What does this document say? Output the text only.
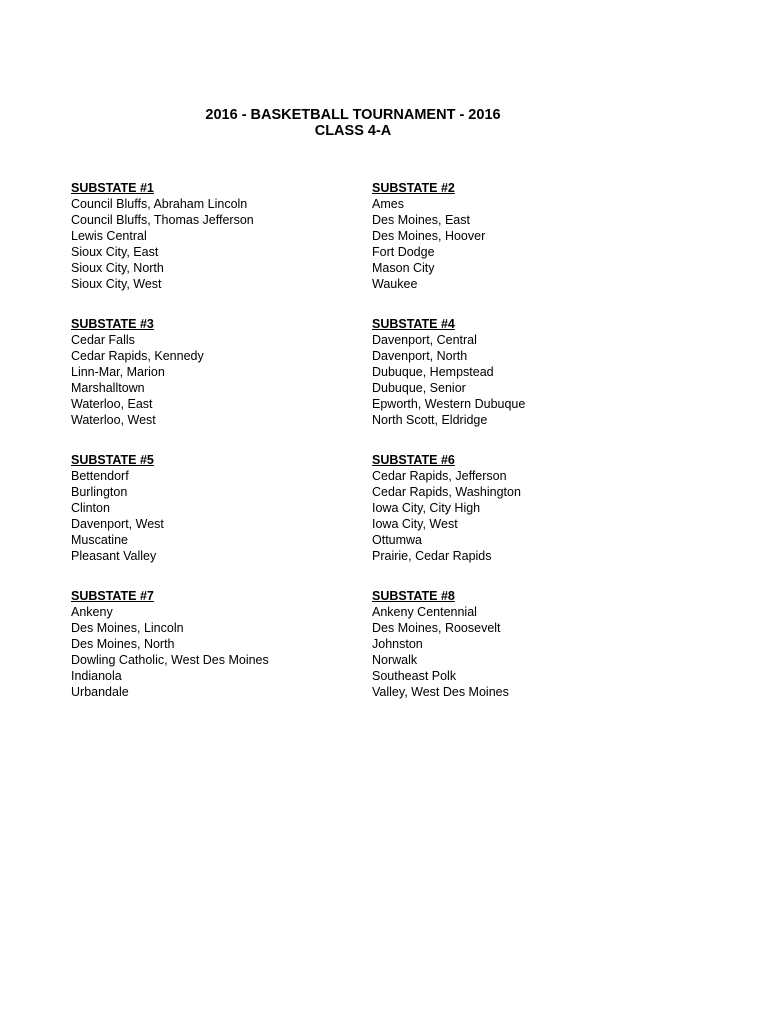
2016 - BASKETBALL TOURNAMENT - 2016
CLASS 4-A
SUBSTATE #1
Council Bluffs, Abraham Lincoln
Council Bluffs, Thomas Jefferson
Lewis Central
Sioux City, East
Sioux City, North
Sioux City, West
SUBSTATE #2
Ames
Des Moines, East
Des Moines, Hoover
Fort Dodge
Mason City
Waukee
SUBSTATE #3
Cedar Falls
Cedar Rapids, Kennedy
Linn-Mar, Marion
Marshalltown
Waterloo, East
Waterloo, West
SUBSTATE #4
Davenport, Central
Davenport, North
Dubuque, Hempstead
Dubuque, Senior
Epworth, Western Dubuque
North Scott, Eldridge
SUBSTATE #5
Bettendorf
Burlington
Clinton
Davenport, West
Muscatine
Pleasant Valley
SUBSTATE #6
Cedar Rapids, Jefferson
Cedar Rapids, Washington
Iowa City, City High
Iowa City, West
Ottumwa
Prairie, Cedar Rapids
SUBSTATE #7
Ankeny
Des Moines, Lincoln
Des Moines, North
Dowling Catholic, West Des Moines
Indianola
Urbandale
SUBSTATE #8
Ankeny Centennial
Des Moines, Roosevelt
Johnston
Norwalk
Southeast Polk
Valley, West Des Moines
